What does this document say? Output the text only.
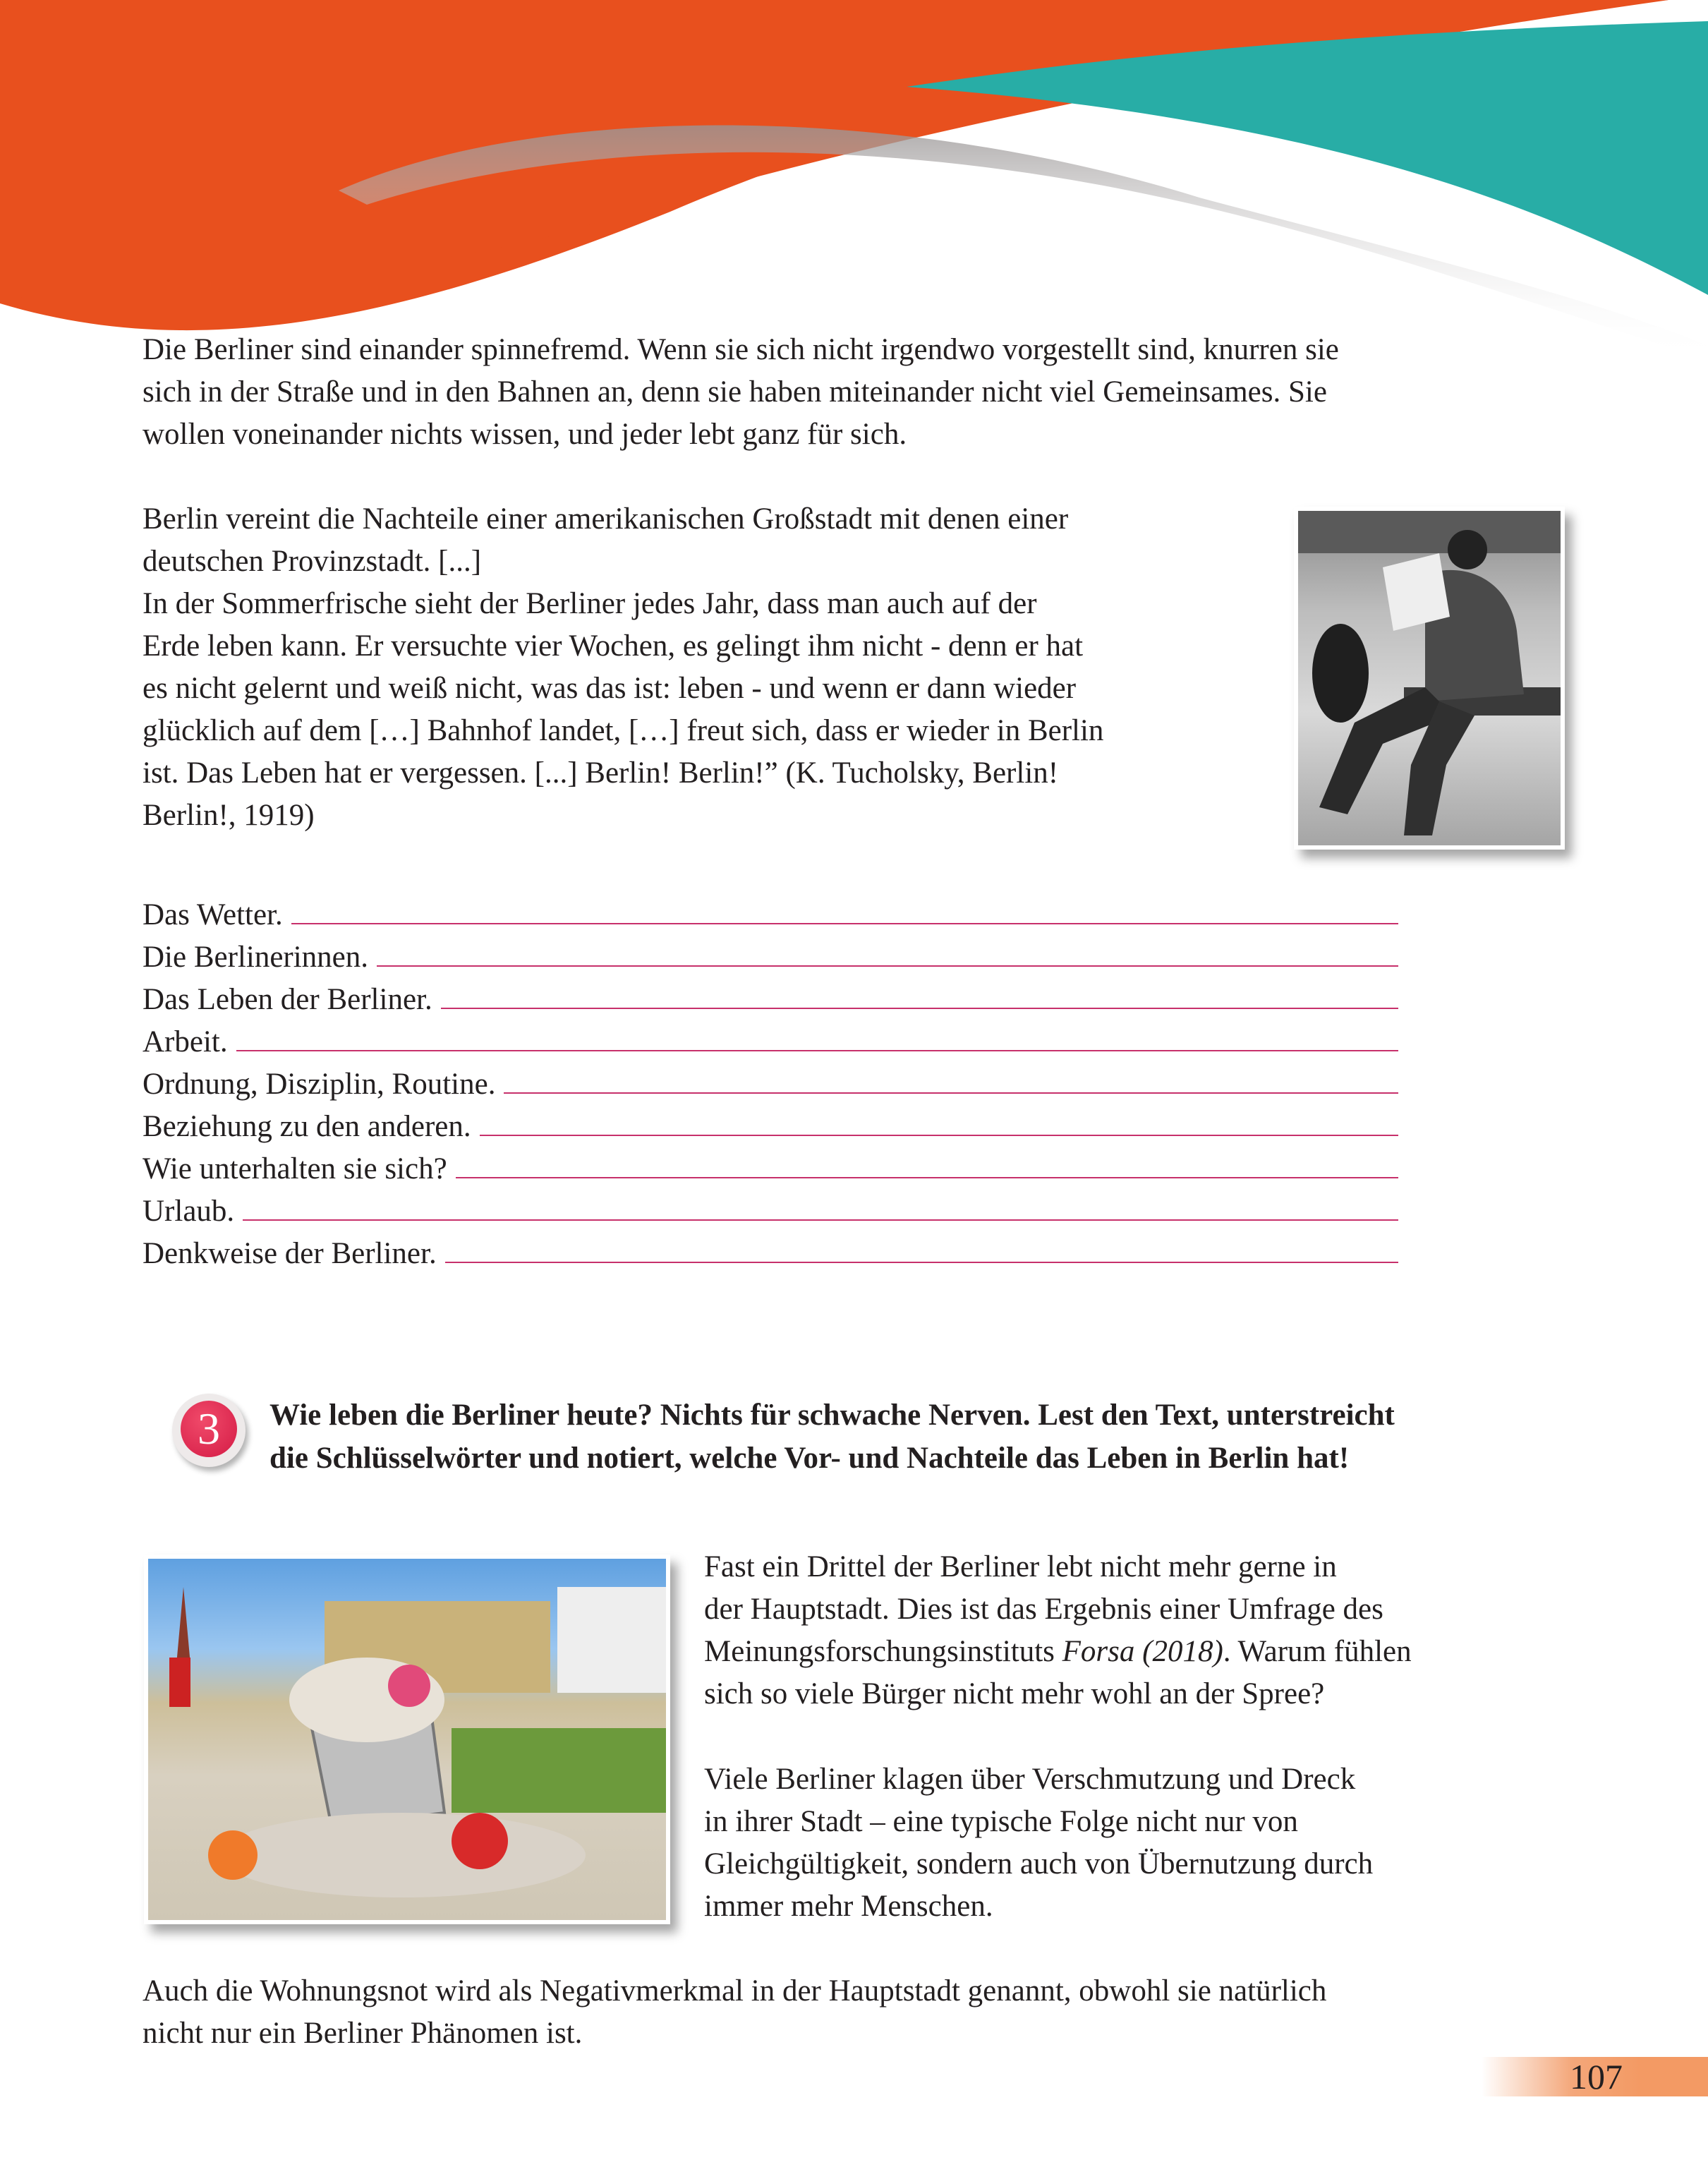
Die Berliner sind einander spinnefremd. Wenn sie sich nicht irgendwo vorgestellt sind, knurren sie
sich in der Straße und in den Bahnen an, denn sie haben miteinander nicht viel Gemeinsames. Sie
wollen voneinander nichts wissen, und jeder lebt ganz für sich.
Berlin vereint die Nachteile einer amerikanischen Großstadt mit denen einer
deutschen Provinzstadt. [...]
In der Sommerfrische sieht der Berliner jedes Jahr, dass man auch auf der
Erde leben kann. Er versuchte vier Wochen, es gelingt ihm nicht - denn er hat
es nicht gelernt und weiß nicht, was das ist: leben - und wenn er dann wieder
glücklich auf dem […] Bahnhof landet, […] freut sich, dass er wieder in Berlin
ist. Das Leben hat er vergessen. [...] Berlin! Berlin!” (K. Tucholsky, Berlin!
Berlin!, 1919)
Das Wetter.
Die Berlinerinnen.
Das Leben der Berliner.
Arbeit.
Ordnung, Disziplin, Routine.
Beziehung zu den anderen.
Wie unterhalten sie sich?
Urlaub.
Denkweise der Berliner.
3	Wie leben die Berliner heute? Nichts für schwache Nerven. Lest den Text, unterstreicht
die Schlüsselwörter und notiert, welche Vor- und Nachteile das Leben in Berlin hat!
Fast ein Drittel der Berliner lebt nicht mehr gerne in
der Hauptstadt. Dies ist das Ergebnis einer Umfrage des
Meinungsforschungsinstituts Forsa (2018). Warum fühlen
sich so viele Bürger nicht mehr wohl an der Spree?
Viele Berliner klagen über Verschmutzung und Dreck
in ihrer Stadt – eine typische Folge nicht nur von
Gleichgültigkeit, sondern auch von Übernutzung durch
immer mehr Menschen.
Auch die Wohnungsnot wird als Negativmerkmal in der Hauptstadt genannt, obwohl sie natürlich
nicht nur ein Berliner Phänomen ist.
107
